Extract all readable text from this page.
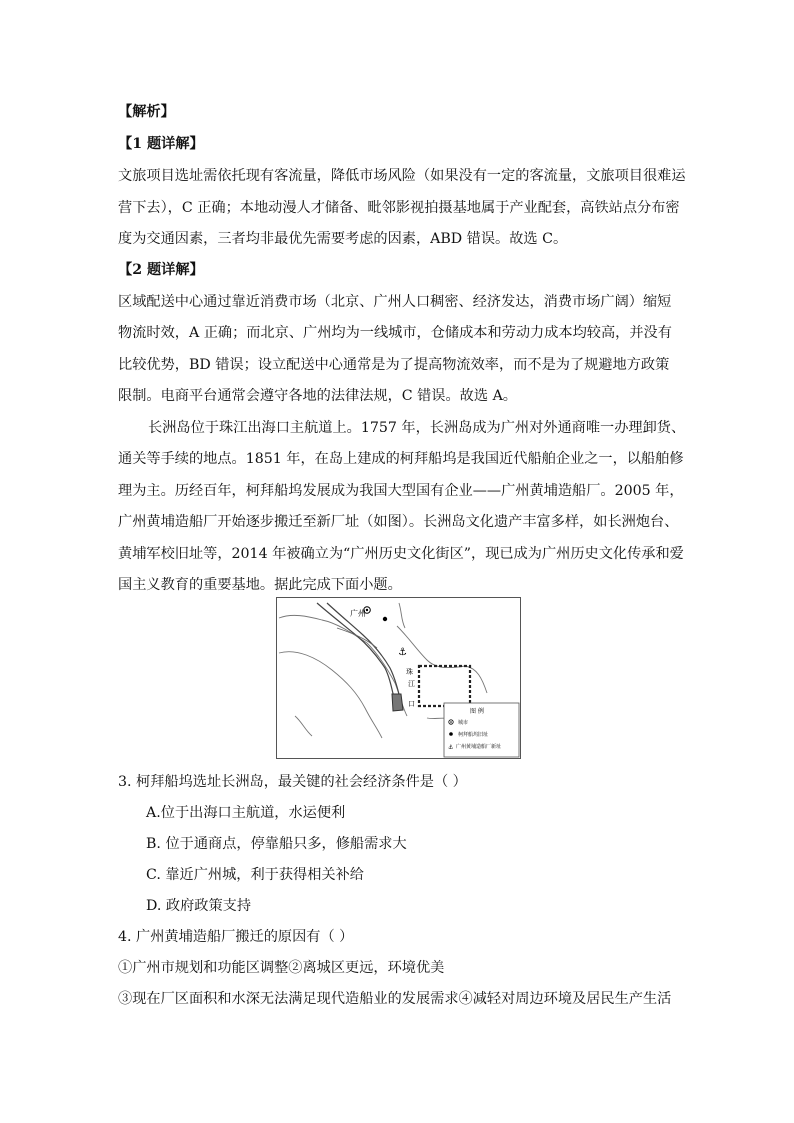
【解析】
【1 题详解】
文旅项目选址需依托现有客流量，降低市场风险（如果没有一定的客流量，文旅项目很难运
营下去），C 正确；本地动漫人才储备、毗邻影视拍摄基地属于产业配套，高铁站点分布密
度为交通因素，三者均非最优先需要考虑的因素，ABD 错误。故选 C。
【2 题详解】
区域配送中心通过靠近消费市场（北京、广州人口稠密、经济发达，消费市场广阔）缩短
物流时效，A 正确；而北京、广州均为一线城市，仓储成本和劳动力成本均较高，并没有
比较优势，BD 错误；设立配送中心通常是为了提高物流效率，而不是为了规避地方政策
限制。电商平台通常会遵守各地的法律法规，C 错误。故选 A。
长洲岛位于珠江出海口主航道上。1757 年，长洲岛成为广州对外通商唯一办理卸货、
通关等手续的地点。1851 年，在岛上建成的柯拜船坞是我国近代船舶企业之一，以船舶修
理为主。历经百年，柯拜船坞发展成为我国大型国有企业——广州黄埔造船厂。2005 年，
广州黄埔造船厂开始逐步搬迁至新厂址（如图）。长洲岛文化遗产丰富多样，如长洲炮台、
黄埔军校旧址等，2014 年被确立为“广州历史文化街区”，现已成为广州历史文化传承和爱
国主义教育的重要基地。据此完成下面小题。
广州
⚓
珠
江
口
图 例
城市
柯拜船坞旧址
⚓ 广州黄埔造船厂新址
3. 柯拜船坞选址长洲岛，最关键的社会经济条件是（ ）
A.位于出海口主航道，水运便利
B. 位于通商点，停靠船只多，修船需求大
C. 靠近广州城，利于获得相关补给
D. 政府政策支持
4. 广州黄埔造船厂搬迁的原因有（ ）
①广州市规划和功能区调整②离城区更远，环境优美
③现在厂区面积和水深无法满足现代造船业的发展需求④减轻对周边环境及居民生产生活
